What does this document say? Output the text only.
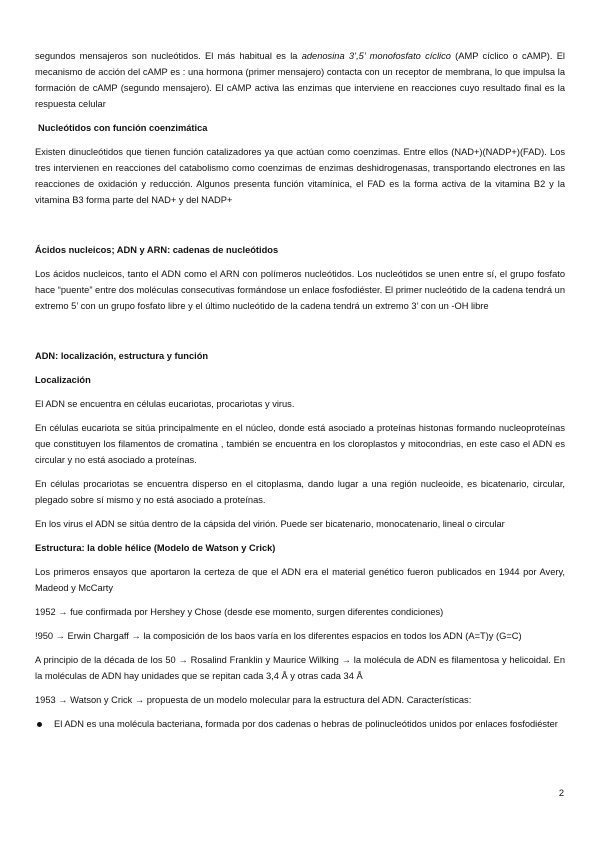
segundos mensajeros son nucleótidos. El más habitual es la adenosina 3’,5’ monofosfato cíclico (AMP cíclico o cAMP). El mecanismo de acción del cAMP es : una hormona (primer mensajero) contacta con un receptor de membrana, lo que impulsa la formación de cAMP (segundo mensajero). El cAMP activa las enzimas que interviene en reacciones cuyo resultado final es la respuesta celular

Nucleótidos con función coenzimática

Existen dinucleótidos que tienen función catalizadores ya que actúan como coenzimas. Entre ellos (NAD+)(NADP+)(FAD). Los tres intervienen en reacciones del catabolismo como coenzimas de enzimas deshidrogenasas, transportando electrones en las reacciones de oxidación y reducción. Algunos presenta función vitamínica, el FAD es la forma activa de la vitamina B2 y la vitamina B3 forma parte del NAD+ y del NADP+

Ácidos nucleicos; ADN y ARN: cadenas de nucleótidos

Los ácidos nucleicos, tanto el ADN como el ARN con polímeros nucleótidos. Los nucleótidos se unen entre sí, el grupo fosfato hace “puente” entre dos moléculas consecutivas formándose un enlace fosfodiéster. El primer nucleótido de la cadena tendrá un extremo 5’ con un grupo fosfato libre y el último nucleótido de la cadena tendrá un extremo 3’ con un -OH libre

ADN: localización, estructura y función
Localización

El ADN se encuentra en células eucariotas, procariotas y virus.

En células eucariota se sitúa principalmente en el núcleo, donde está asociado a proteínas histonas formando nucleoproteínas que constituyen los filamentos de cromatina , también se encuentra en los cloroplastos y mitocondrias, en este caso el ADN es circular y no está asociado a proteínas.

En células procariotas se encuentra disperso en el citoplasma, dando lugar a una región nucleoide, es bicatenario, circular, plegado sobre sí mismo y no está asociado a proteínas.

En los virus el ADN se sitúa dentro de la cápsida del virión. Puede ser bicatenario, monocatenario, lineal o circular

Estructura: la doble hélice (Modelo de Watson y Crick)

Los primeros ensayos que aportaron la certeza de que el ADN era el material genético fueron publicados en 1944 por Avery, Madeod y McCarty

1952 → fue confirmada por Hershey y Chose (desde ese momento, surgen diferentes condiciones)

!950 → Erwin Chargaff → la composición de los baos varía en los diferentes espacios en todos los ADN (A=T)y (G=C)

A principio de la década de los 50 → Rosalind Franklin y Maurice Wilking → la molécula de ADN es filamentosa y helicoidal. En la moléculas de ADN hay unidades que se repitan cada 3,4 Å y otras cada 34 Å

1953 → Watson y Crick → propuesta de un modelo molecular para la estructura del ADN. Características:

El ADN es una molécula bacteriana, formada por dos cadenas o hebras de polinucleótidos unidos por enlaces fosfodiéster

2
